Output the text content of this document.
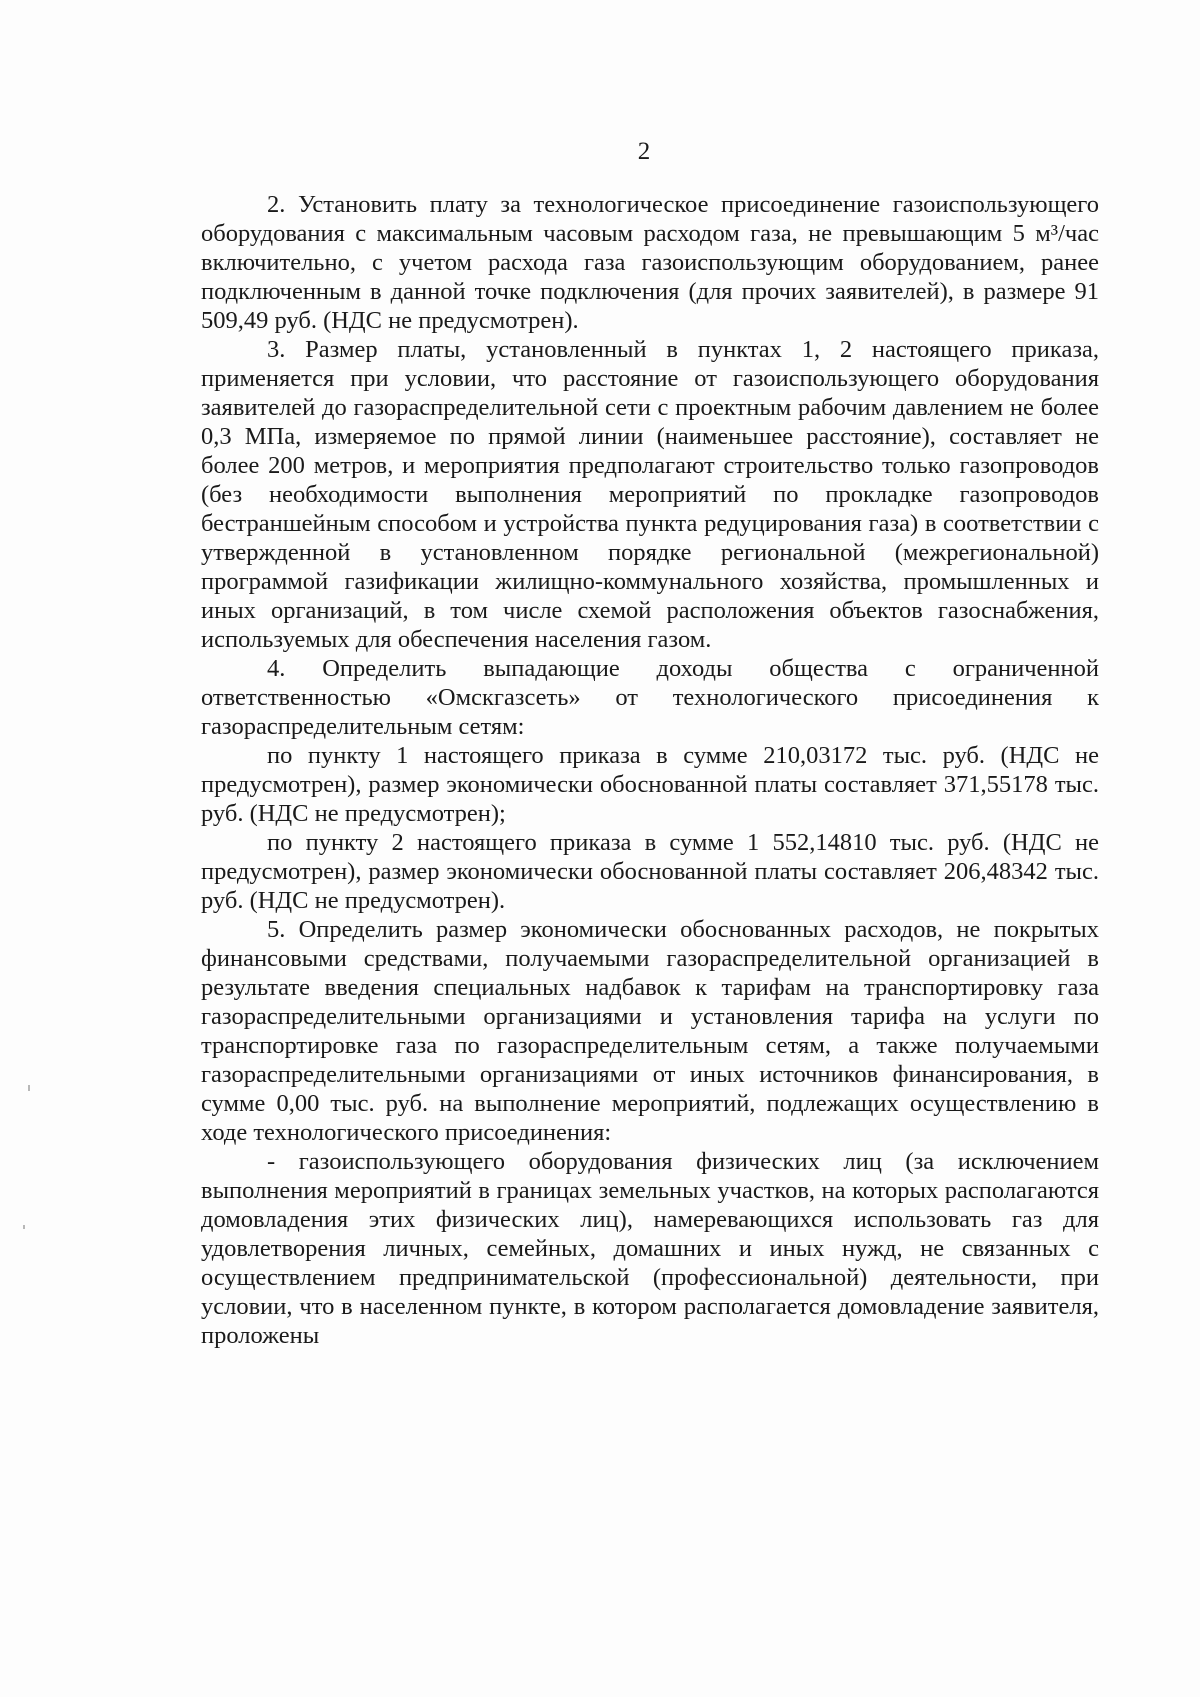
2

2. Установить плату за технологическое присоединение газоиспользующего оборудования с максимальным часовым расходом газа, не превышающим 5 м³/час включительно, с учетом расхода газа газоиспользующим оборудованием, ранее подключенным в данной точке подключения (для прочих заявителей), в размере 91 509,49 руб. (НДС не предусмотрен).

3. Размер платы, установленный в пунктах 1, 2 настоящего приказа, применяется при условии, что расстояние от газоиспользующего оборудования заявителей до газораспределительной сети с проектным рабочим давлением не более 0,3 МПа, измеряемое по прямой линии (наименьшее расстояние), составляет не более 200 метров, и мероприятия предполагают строительство только газопроводов (без необходимости выполнения мероприятий по прокладке газопроводов бестраншейным способом и устройства пункта редуцирования газа) в соответствии с утвержденной в установленном порядке региональной (межрегиональной) программой газификации жилищно-коммунального хозяйства, промышленных и иных организаций, в том числе схемой расположения объектов газоснабжения, используемых для обеспечения населения газом.

4. Определить выпадающие доходы общества с ограниченной ответственностью «Омскгазсеть» от технологического присоединения к газораспределительным сетям:

по пункту 1 настоящего приказа в сумме 210,03172 тыс. руб. (НДС не предусмотрен), размер экономически обоснованной платы составляет 371,55178 тыс. руб. (НДС не предусмотрен);

по пункту 2 настоящего приказа в сумме 1 552,14810 тыс. руб. (НДС не предусмотрен), размер экономически обоснованной платы составляет 206,48342 тыс. руб. (НДС не предусмотрен).

5. Определить размер экономически обоснованных расходов, не покрытых финансовыми средствами, получаемыми газораспределительной организацией в результате введения специальных надбавок к тарифам на транспортировку газа газораспределительными организациями и установления тарифа на услуги по транспортировке газа по газораспределительным сетям, а также получаемыми газораспределительными организациями от иных источников финансирования, в сумме 0,00 тыс. руб. на выполнение мероприятий, подлежащих осуществлению в ходе технологического присоединения:

- газоиспользующего оборудования физических лиц (за исключением выполнения мероприятий в границах земельных участков, на которых располагаются домовладения этих физических лиц), намеревающихся использовать газ для удовлетворения личных, семейных, домашних и иных нужд, не связанных с осуществлением предпринимательской (профессиональной) деятельности, при условии, что в населенном пункте, в котором располагается домовладение заявителя, проложены
